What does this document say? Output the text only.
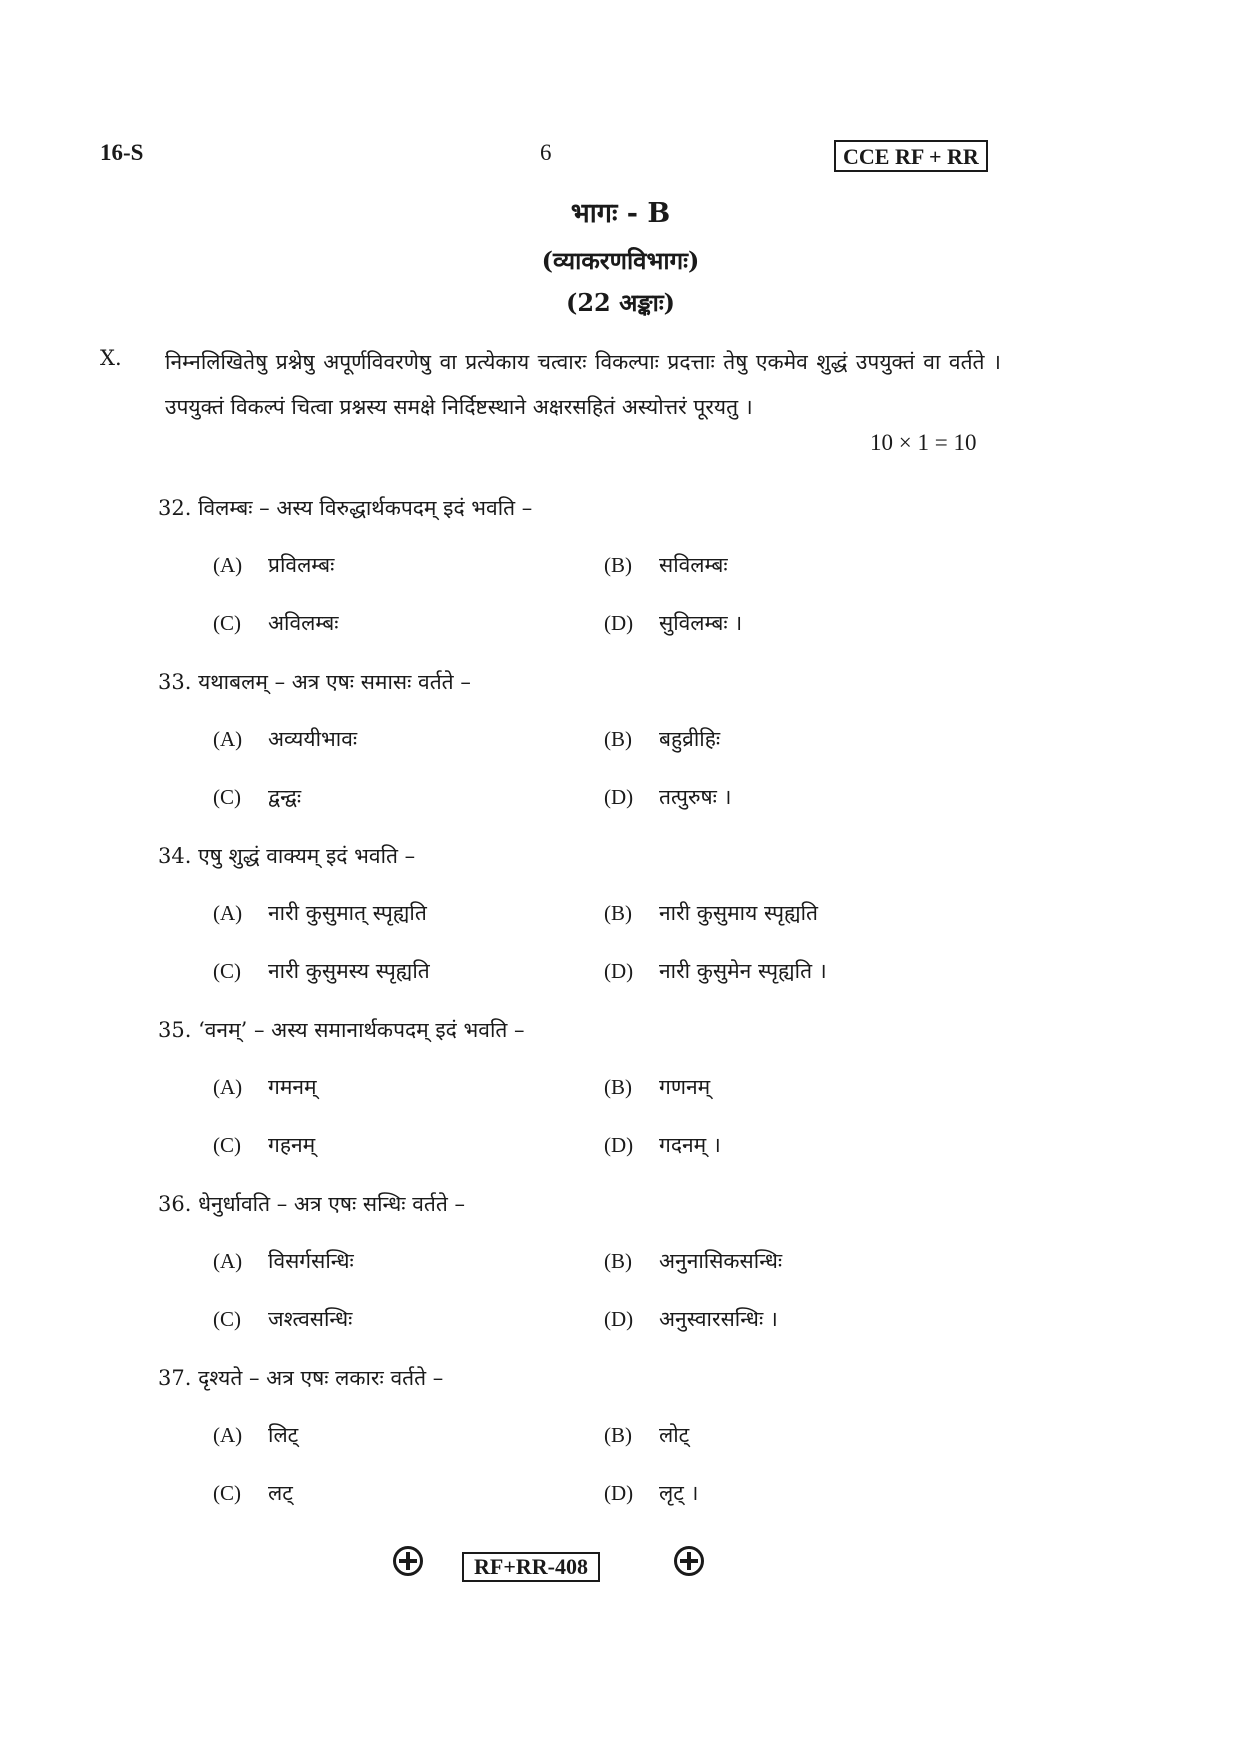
16-S	6	CCE RF + RR
भागः - B
(व्याकरणविभागः)
(22 अङ्काः)
X. निम्नलिखितेषु प्रश्नेषु अपूर्णविवरणेषु वा प्रत्येकाय चत्वारः विकल्पाः प्रदत्ताः तेषु एकमेव शुद्धं उपयुक्तं वा वर्तते । उपयुक्तं विकल्पं चित्वा प्रश्नस्य समक्षे निर्दिष्टस्थाने अक्षरसहितं अस्योत्तरं पूरयतु ।
10 × 1 = 10
32. विलम्बः – अस्य विरुद्धार्थकपदम् इदं भवति –
(A) प्रविलम्बः	(B) सविलम्बः
(C) अविलम्बः	(D) सुविलम्बः ।
33. यथाबलम् – अत्र एषः समासः वर्तते –
(A) अव्ययीभावः	(B) बहुव्रीहिः
(C) द्वन्द्वः	(D) तत्पुरुषः ।
34. एषु शुद्धं वाक्यम् इदं भवति –
(A) नारी कुसुमात् स्पृह्यति	(B) नारी कुसुमाय स्पृह्यति
(C) नारी कुसुमस्य स्पृह्यति	(D) नारी कुसुमेन स्पृह्यति ।
35. ‘वनम्’ – अस्य समानार्थकपदम् इदं भवति –
(A) गमनम्	(B) गणनम्
(C) गहनम्	(D) गदनम् ।
36. धेनुर्धावति – अत्र एषः सन्धिः वर्तते –
(A) विसर्गसन्धिः	(B) अनुनासिकसन्धिः
(C) जश्त्वसन्धिः	(D) अनुस्वारसन्धिः ।
37. दृश्यते – अत्र एषः लकारः वर्तते –
(A) लिट्	(B) लोट्
(C) लट्	(D) लृट् ।
RF+RR-408
